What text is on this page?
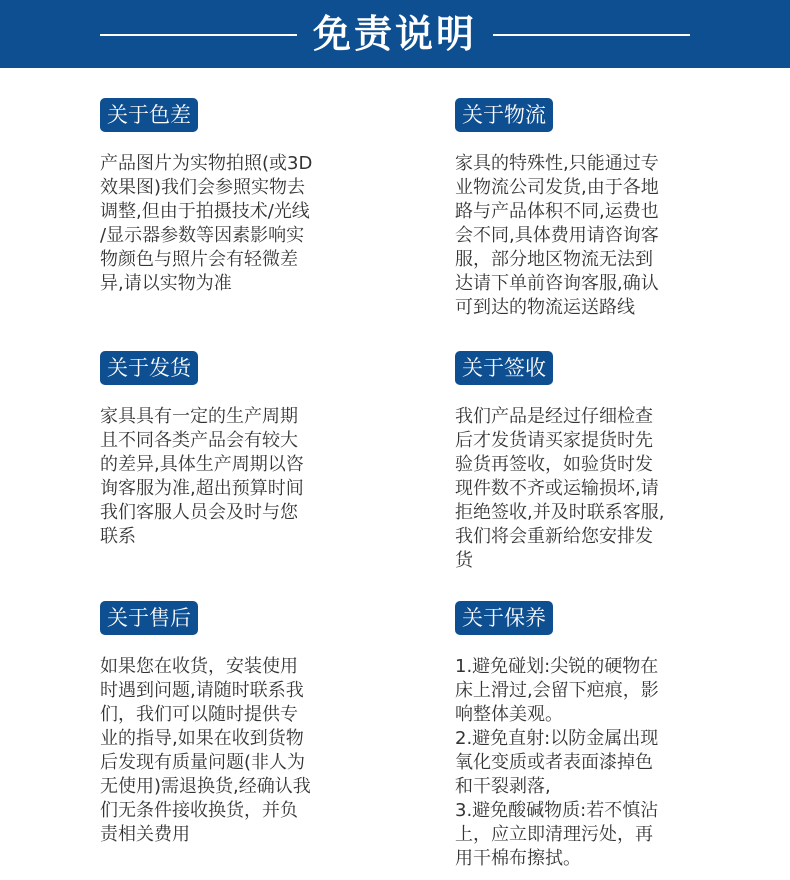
免责说明
关于色差
产品图片为实物拍照(或3D
效果图)我们会参照实物去
调整,但由于拍摄技术/光线
/显示器参数等因素影响实
物颜色与照片会有轻微差
异,请以实物为准
关于物流
家具的特殊性,只能通过专
业物流公司发货,由于各地
路与产品体积不同,运费也
会不同,具体费用请咨询客
服，部分地区物流无法到
达请下单前咨询客服,确认
可到达的物流运送路线
关于发货
家具具有一定的生产周期
且不同各类产品会有较大
的差异,具体生产周期以咨
询客服为准,超出预算时间
我们客服人员会及时与您
联系
关于签收
我们产品是经过仔细检查
后才发货请买家提货时先
验货再签收，如验货时发
现件数不齐或运输损坏,请
拒绝签收,并及时联系客服,
我们将会重新给您安排发
货
关于售后
如果您在收货，安装使用
时遇到问题,请随时联系我
们，我们可以随时提供专
业的指导,如果在收到货物
后发现有质量问题(非人为
无使用)需退换货,经确认我
们无条件接收换货，并负
责相关费用
关于保养
1.避免碰划:尖锐的硬物在
床上滑过,会留下疤痕，影
响整体美观。
2.避免直射:以防金属出现
氧化变质或者表面漆掉色
和干裂剥落,
3.避免酸碱物质:若不慎沾
上，应立即清理污处，再
用干棉布擦拭。
